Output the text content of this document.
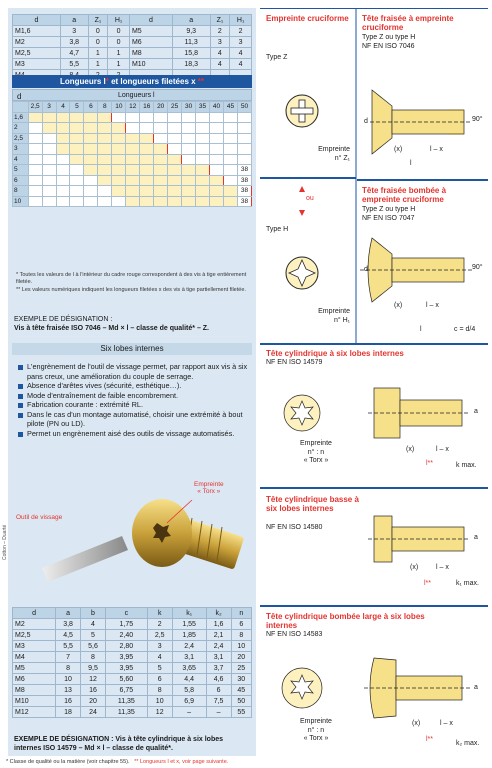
d	a	Z₁	H₁	d	a	Z₁	H₁
M1,6	3	0	0	M5	9,3	2	2
M2	3,8	0	0	M6	11,3	3	3
M2,5	4,7	1	1	M8	15,8	4	4
M3	5,5	1	1	M10	18,3	4	4

Longueurs l* et longueurs filetées x **
d	Longueurs l
	2,5	3	4	5	6	8	10	12	16	20	25	30	35	40	45	50
1,6																
2																
2,5																
3																
4																
5																38
6																38
8																38
10																38
* Toutes les valeurs de l à l'intérieur du cadre rouge correspondent à des vis à tige entièrement filetée.
** Les valeurs numériques indiquent les longueurs filetées x des vis à tige partiellement filetée.
EXEMPLE DE DÉSIGNATION :
Vis à tête fraisée ISO 7046 – Md × l – classe de qualité* – Z.
Six lobes internes

L'engrènement de l'outil de vissage permet, par rapport aux vis à six pans creux, une amélioration du couple de serrage.

Absence d'arêtes vives (sécurité, esthétique…).

Mode d'entraînement de faible encombrement.

Fabrication courante : extrémité RL.

Dans le cas d'un montage automatisé, choisir une extrémité à bout pilote (PN ou LD).

Permet un engrènement aisé des outils de vissage automatisés.

Empreinte
« Torx »
Outil de vissage
Cotton – Duarté
d	a	b	c	k	k₁	k₂	n
M2	3,8	4	1,75	2	1,55	1,6	6
M2,5	4,5	5	2,40	2,5	1,85	2,1	8
M3	5,5	5,6	2,80	3	2,4	2,4	10
M4	7	8	3,95	4	3,1	3,1	20
M5	8	9,5	3,95	5	3,65	3,7	25
M6	10	12	5,60	6	4,4	4,6	30
M8	13	16	6,75	8	5,8	6	45
M10	16	20	11,35	10	6,9	7,5	50
M12	18	24	11,35	12	–	–	55
EXEMPLE DE DÉSIGNATION : Vis à tête cylindrique à six lobes internes ISO 14579 – Md × l – classe de qualité*.
Empreinte cruciforme
Type Z
Empreinte
n° Z₁
ou
Type H
Empreinte
n° H₁
Tête fraisée à empreinte cruciforme
Type Z ou type H
NF EN ISO 7046
Tête fraisée bombée à empreinte cruciforme
Type Z ou type H
NF EN ISO 7047
Tête cylindrique à six lobes internes
NF EN ISO 14579
Tête cylindrique basse à six lobes internes
NF EN ISO 14580
Tête cylindrique bombée large à six lobes internes
NF EN ISO 14583
Empreinte
n° : n
« Torx »
Empreinte
n° : n
« Torx »
d
(x)	l – x
l
90°
d
(x)	l – x
l	c = d/4
90°
(x)	l – x
l**	k max.
a
(x)	l – x
l**	k₁ max.
a
(x)	l – x
l**
k₂ max.
a
* Classe de qualité ou la matière (voir chapitre 55). ** Longueurs l et x, voir page suivante.
